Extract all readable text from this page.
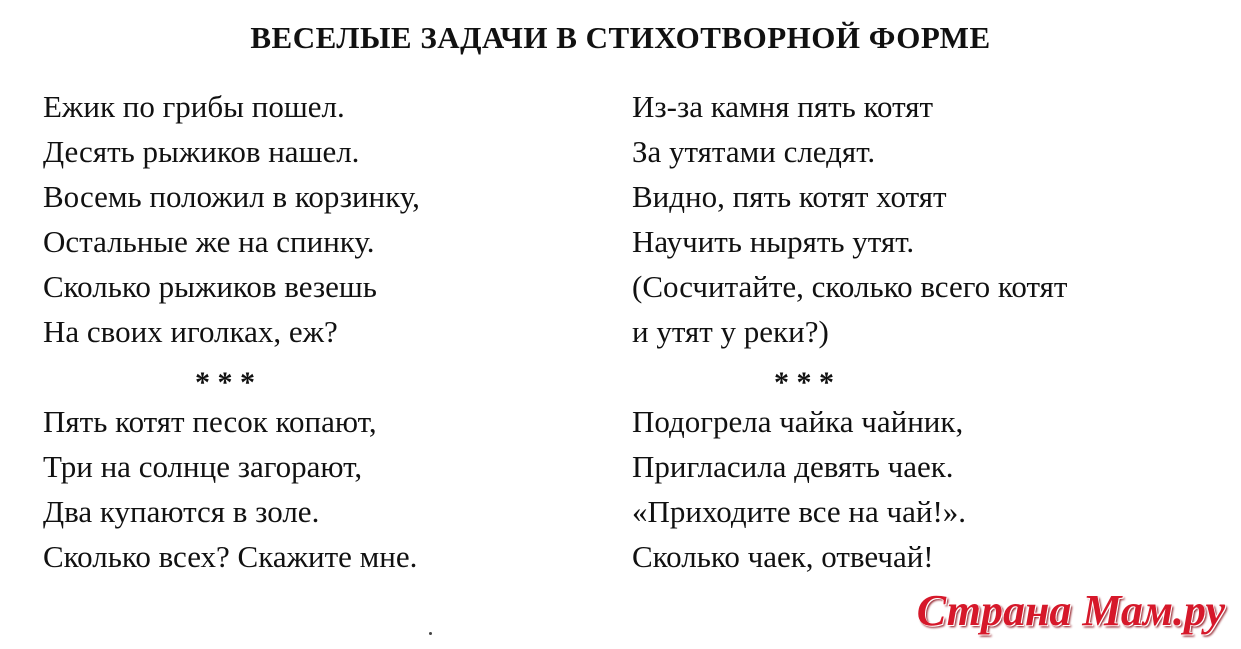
ВЕСЕЛЫЕ ЗАДАЧИ В СТИХОТВОРНОЙ ФОРМЕ
Ежик по грибы пошел.
Десять рыжиков нашел.
Восемь положил в корзинку,
Остальные же на спинку.
Сколько рыжиков везешь
На своих иголках, еж?
* * *
Пять котят песок копают,
Три на солнце загорают,
Два купаются в золе.
Сколько всех? Скажите мне.
Из-за камня пять котят
За утятами следят.
Видно, пять котят хотят
Научить нырять утят.
(Сосчитайте, сколько всего котят
и утят у реки?)
* * *
Подогрела чайка чайник,
Пригласила девять чаек.
«Приходите все на чай!».
Сколько чаек, отвечай!
Страна Мам.ру
